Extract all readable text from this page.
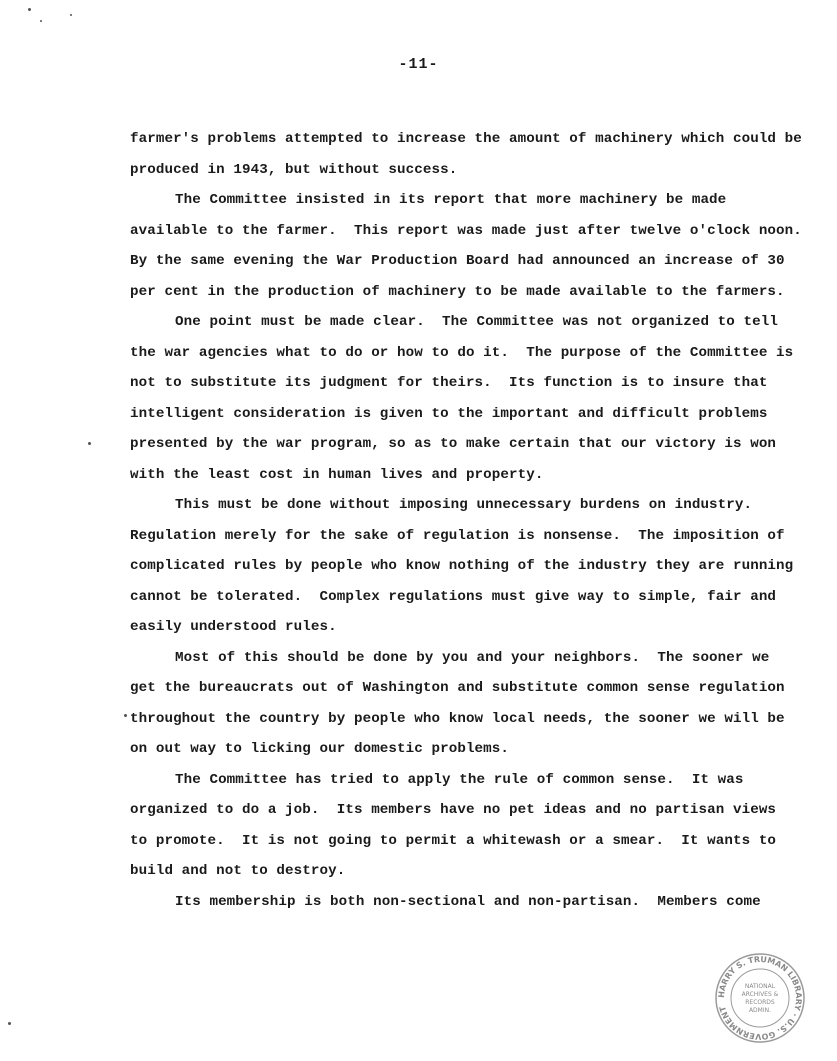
-11-
farmer's problems attempted to increase the amount of machinery which could be
produced in 1943, but without success.
The Committee insisted in its report that more machinery be made
available to the farmer.  This report was made just after twelve o'clock noon.
By the same evening the War Production Board had announced an increase of 30
per cent in the production of machinery to be made available to the farmers.
One point must be made clear.  The Committee was not organized to tell
the war agencies what to do or how to do it.  The purpose of the Committee is
not to substitute its judgment for theirs.  Its function is to insure that
intelligent consideration is given to the important and difficult problems
presented by the war program, so as to make certain that our victory is won
with the least cost in human lives and property.
This must be done without imposing unnecessary burdens on industry.
Regulation merely for the sake of regulation is nonsense.  The imposition of
complicated rules by people who know nothing of the industry they are running
cannot be tolerated.  Complex regulations must give way to simple, fair and
easily understood rules.
Most of this should be done by you and your neighbors.  The sooner we
get the bureaucrats out of Washington and substitute common sense regulation
throughout the country by people who know local needs, the sooner we will be
on out way to licking our domestic problems.
The Committee has tried to apply the rule of common sense.  It was
organized to do a job.  Its members have no pet ideas and no partisan views
to promote.  It is not going to permit a whitewash or a smear.  It wants to
build and not to destroy.
Its membership is both non-sectional and non-partisan.  Members come
HARRY S. TRUMAN LIBRARY · U.S. GOVERNMENT
NATIONAL
ARCHIVES &
RECORDS
ADMIN.
